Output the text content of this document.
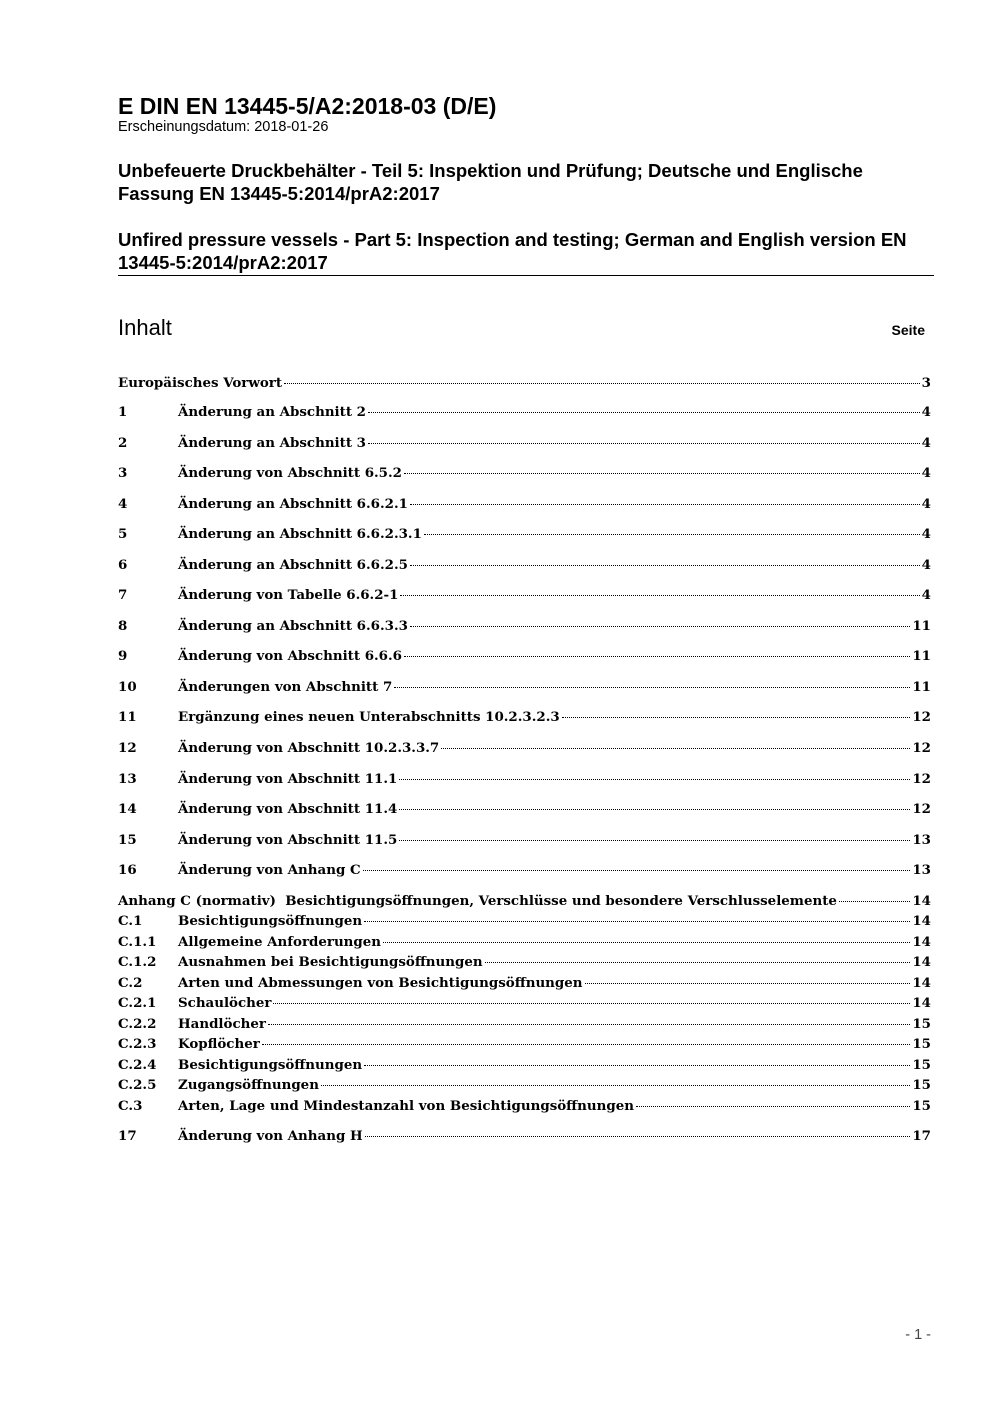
E DIN EN 13445-5/A2:2018-03 (D/E)
Erscheinungsdatum: 2018-01-26
Unbefeuerte Druckbehälter - Teil 5: Inspektion und Prüfung; Deutsche und Englische Fassung EN 13445-5:2014/prA2:2017
Unfired pressure vessels - Part 5: Inspection and testing; German and English version EN 13445-5:2014/prA2:2017
Inhalt	Seite
Europäisches Vorwort	3
1	Änderung an Abschnitt 2	4
2	Änderung an Abschnitt 3	4
3	Änderung von Abschnitt 6.5.2	4
4	Änderung an Abschnitt 6.6.2.1	4
5	Änderung an Abschnitt 6.6.2.3.1	4
6	Änderung an Abschnitt 6.6.2.5	4
7	Änderung von Tabelle 6.6.2-1	4
8	Änderung an Abschnitt 6.6.3.3	11
9	Änderung von Abschnitt 6.6.6	11
10	Änderungen von Abschnitt 7	11
11	Ergänzung eines neuen Unterabschnitts 10.2.3.2.3	12
12	Änderung von Abschnitt 10.2.3.3.7	12
13	Änderung von Abschnitt 11.1	12
14	Änderung von Abschnitt 11.4	12
15	Änderung von Abschnitt 11.5	13
16	Änderung von Anhang C	13
Anhang C (normativ)  Besichtigungsöffnungen, Verschlüsse und besondere Verschlusselemente	14
C.1	Besichtigungsöffnungen	14
C.1.1	Allgemeine Anforderungen	14
C.1.2	Ausnahmen bei Besichtigungsöffnungen	14
C.2	Arten und Abmessungen von Besichtigungsöffnungen	14
C.2.1	Schaulöcher	14
C.2.2	Handlöcher	15
C.2.3	Kopflöcher	15
C.2.4	Besichtigungsöffnungen	15
C.2.5	Zugangsöffnungen	15
C.3	Arten, Lage und Mindestanzahl von Besichtigungsöffnungen	15
17	Änderung von Anhang H	17
- 1 -
